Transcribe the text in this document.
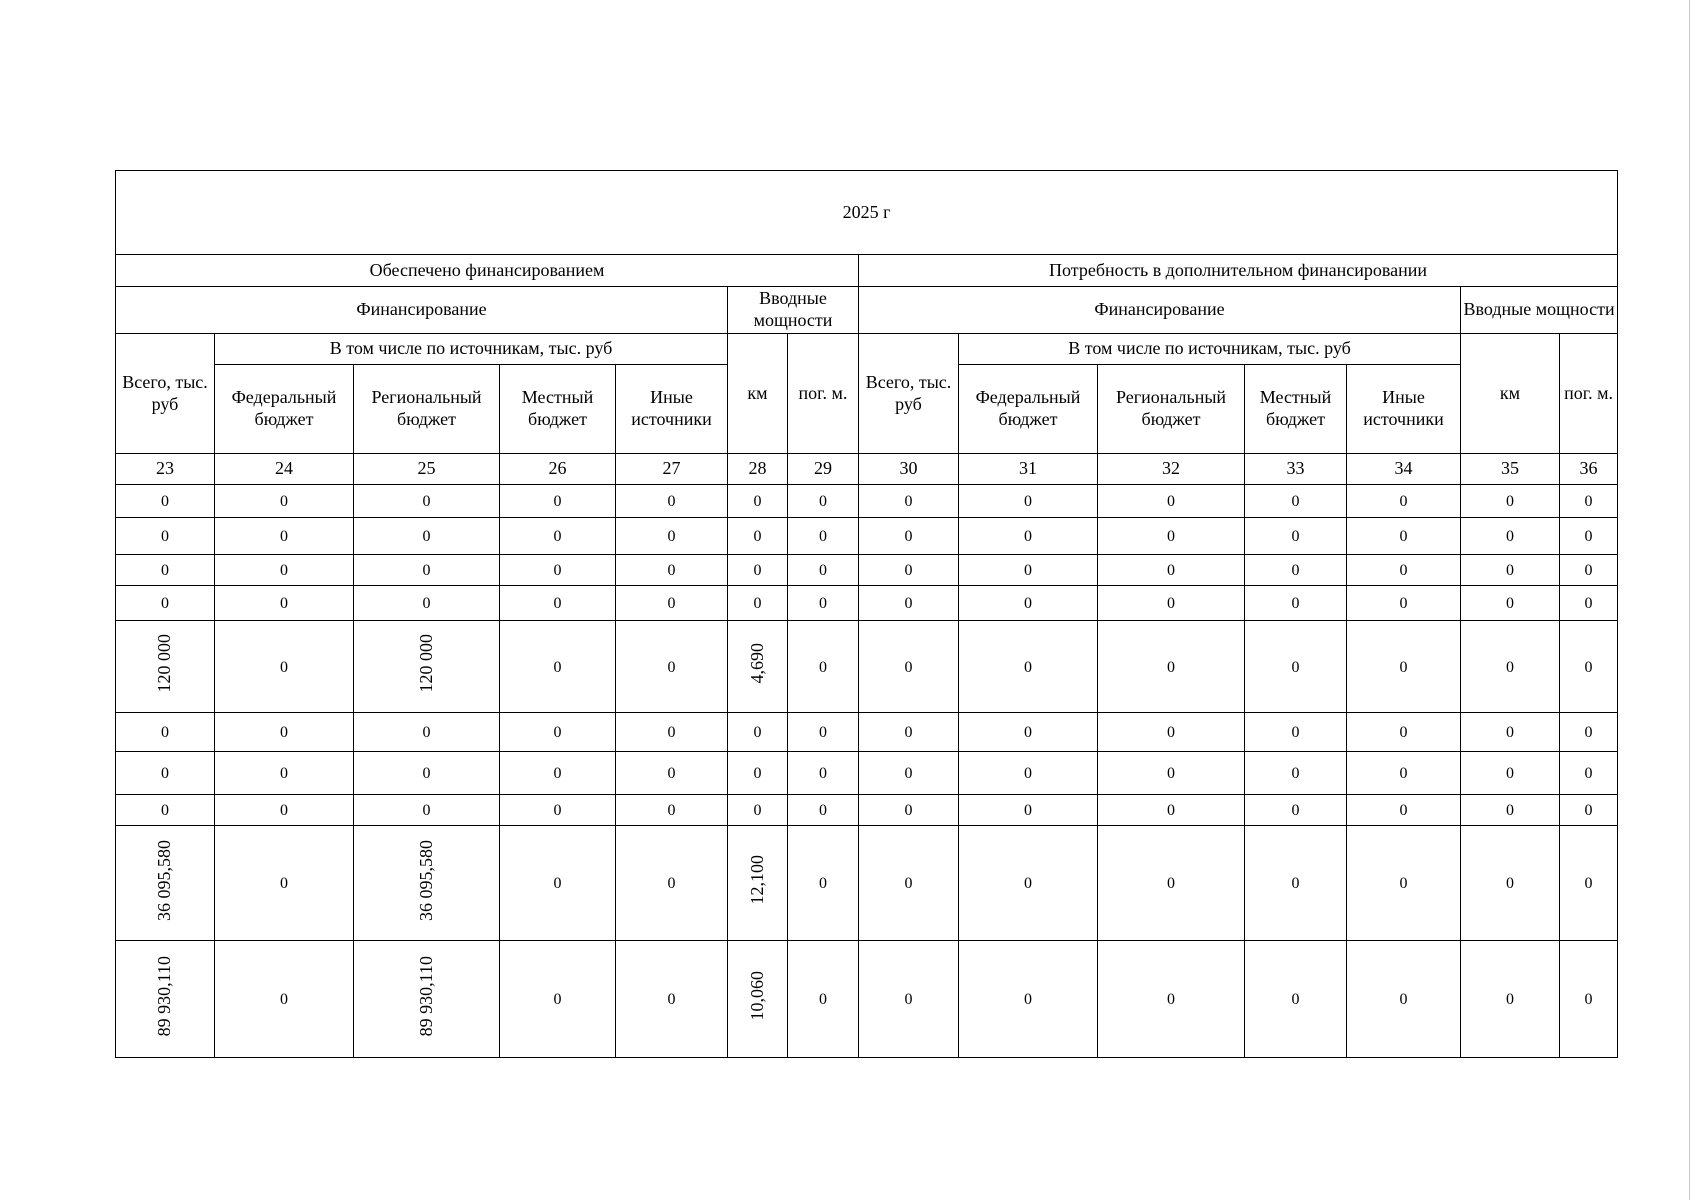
2025 г													
Обеспечено финансированием							Потребность в дополнительном финансировании						
Финансирование					Вводные мощности		Финансирование					Вводные мощности	
Всего, тыс. руб	В том числе по источникам, тыс. руб				км	пог. м.	Всего, тыс. руб	В том числе по источникам, тыс. руб				км	пог. м.
	Федеральный бюджет	Региональный бюджет	Местный бюджет	Иные источники				Федеральный бюджет	Региональный бюджет	Местный бюджет	Иные источники		
23	24	25	26	27	28	29	30	31	32	33	34	35	36
0	0	0	0	0	0	0	0	0	0	0	0	0	0
0	0	0	0	0	0	0	0	0	0	0	0	0	0
0	0	0	0	0	0	0	0	0	0	0	0	0	0
0	0	0	0	0	0	0	0	0	0	0	0	0	0
120 000	0	120 000	0	0	4,690	0	0	0	0	0	0	0	0
0	0	0	0	0	0	0	0	0	0	0	0	0	0
0	0	0	0	0	0	0	0	0	0	0	0	0	0
0	0	0	0	0	0	0	0	0	0	0	0	0	0
36 095,580	0	36 095,580	0	0	12,100	0	0	0	0	0	0	0	0
89 930,110	0	89 930,110	0	0	10,060	0	0	0	0	0	0	0	0
